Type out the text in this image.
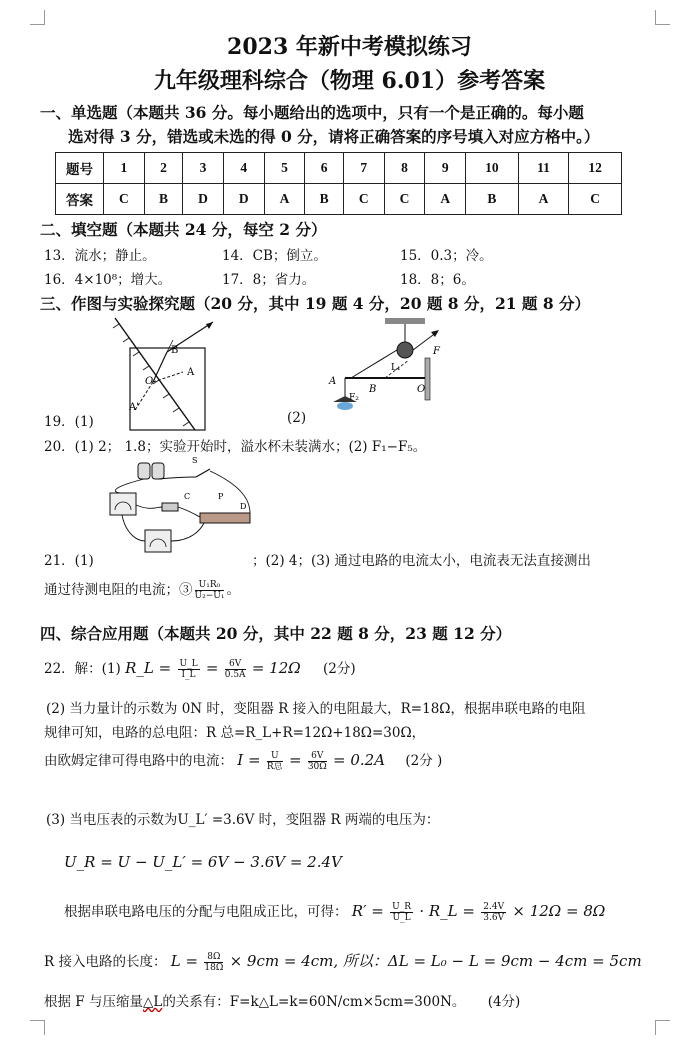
2023 年新中考模拟练习
九年级理科综合（物理 6.01）参考答案
一、单选题（本题共 36 分。每小题给出的选项中，只有一个是正确的。每小题
选对得 3 分，错选或未选的得 0 分，请将正确答案的序号填入对应方格中。）
题号	1	2	3	4	5	6	7	8	9	10	11	12
答案	C	B	D	D	A	B	C	C	A	B	A	C
二、填空题（本题共 24 分，每空 2 分）
13．流水；静止。	14．CB；倒立。	15．0.3；冷。
16．4×10⁸；增大。	17．8；省力。	18．8；6。
三、作图与实验探究题（20 分，其中 19 题 4 分，20 题 8 分，21 题 8 分）
B
O
A
A'
A
B	O
F
F₂
L₁
19．(1)	(2)
20．(1) 2； 1.8；实验开始时，溢水杯未装满水；(2) F₁−F₅。
S
P
C
D
21．(1)	；(2) 4；(3) 通过电路的电流太小，电流表无法直接测出
通过待测电阻的电流；③ $\frac{\text{U₁R₀}}{\text{U₂−U₁}}$ 。
四、综合应用题（本题共 20 分，其中 22 题 8 分，23 题 12 分）
22．解：(1) R_L = $\frac{U\_L}{I\_L} = \frac{6V}{0.5A} = 12\Omega$ (2分)
(2) 当力量计的示数为 0N 时，变阻器 R 接入的电阻最大，R=18Ω，根据串联电路的电阻
规律可知，电路的总电阻：R 总=R_L+R=12Ω+18Ω=30Ω，
由欧姆定律可得电路中的电流： $I = \frac{U}{\text{R总}} = \frac{6V}{30\Omega} = 0.2A$ (2分 )
(3) 当电压表的示数为U_L′ =3.6V 时，变阻器 R 两端的电压为：
U_R = U − U_L′ = 6V − 3.6V = 2.4V
根据串联电路电压的分配与电阻成正比，可得： $R' = \frac{U\_R}{U\_L}$ · R_L = $\frac{2.4V}{3.6V} \times 12\Omega = 8\Omega$
R 接入电路的长度： $L = \frac{8\Omega}{18\Omega} \times 9cm = 4cm$, 所以：ΔL = L₀ − L = 9cm − 4cm = 5cm
根据 F 与压缩量△L的关系有：F=k△L=k=60N/cm×5cm=300N。 (4分)
